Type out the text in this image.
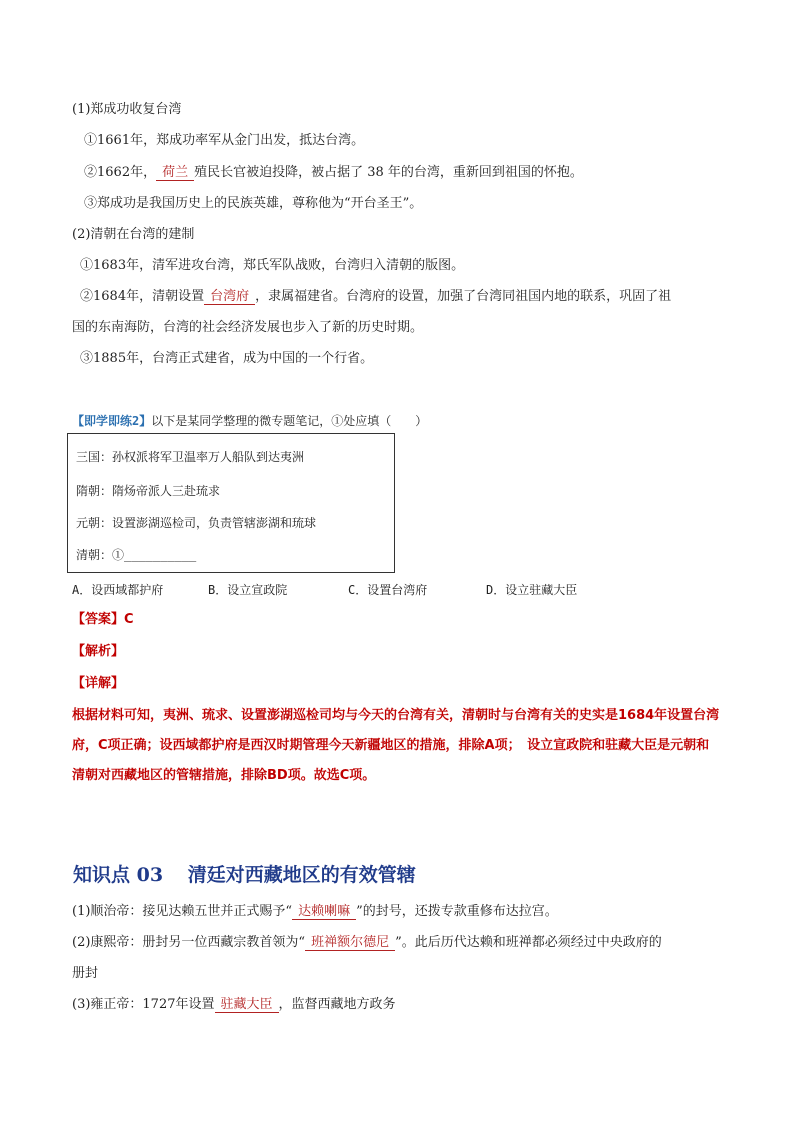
(1)郑成功收复台湾
①1661年，郑成功率军从金门出发，抵达台湾。
②1662年， 荷兰 殖民长官被迫投降，被占据了 38 年的台湾，重新回到祖国的怀抱。
③郑成功是我国历史上的民族英雄，尊称他为“开台圣王”。
(2)清朝在台湾的建制
①1683年，清军进攻台湾，郑氏军队战败，台湾归入清朝的版图。
②1684年，清朝设置 台湾府 ，隶属福建省。台湾府的设置，加强了台湾同祖国内地的联系，巩固了祖
国的东南海防，台湾的社会经济发展也步入了新的历史时期。
③1885年，台湾正式建省，成为中国的一个行省。
【即学即练2】以下是某同学整理的微专题笔记，①处应填（　　）
三国：孙权派将军卫温率万人船队到达夷洲
隋朝：隋炀帝派人三赴琉求
元朝：设置澎湖巡检司，负责管辖澎湖和琉球
清朝：①__________
A．设西域都护府	B．设立宣政院	C．设置台湾府	D．设立驻藏大臣
【答案】C
【解析】
【详解】
根据材料可知，夷洲、琉求、设置澎湖巡检司均与今天的台湾有关，清朝时与台湾有关的史实是1684年设置台湾府，C项正确；设西域都护府是西汉时期管理今天新疆地区的措施，排除A项；　设立宣政院和驻藏大臣是元朝和清朝对西藏地区的管辖措施，排除BD项。故选C项。
知识点 03 清廷对西藏地区的有效管辖
(1)顺治帝：接见达赖五世并正式赐予“ 达赖喇嘛 ”的封号，还拨专款重修布达拉宫。
(2)康熙帝：册封另一位西藏宗教首领为“ 班禅额尔德尼 ”。此后历代达赖和班禅都必须经过中央政府的
册封
(3)雍正帝：1727年设置 驻藏大臣 ，监督西藏地方政务
